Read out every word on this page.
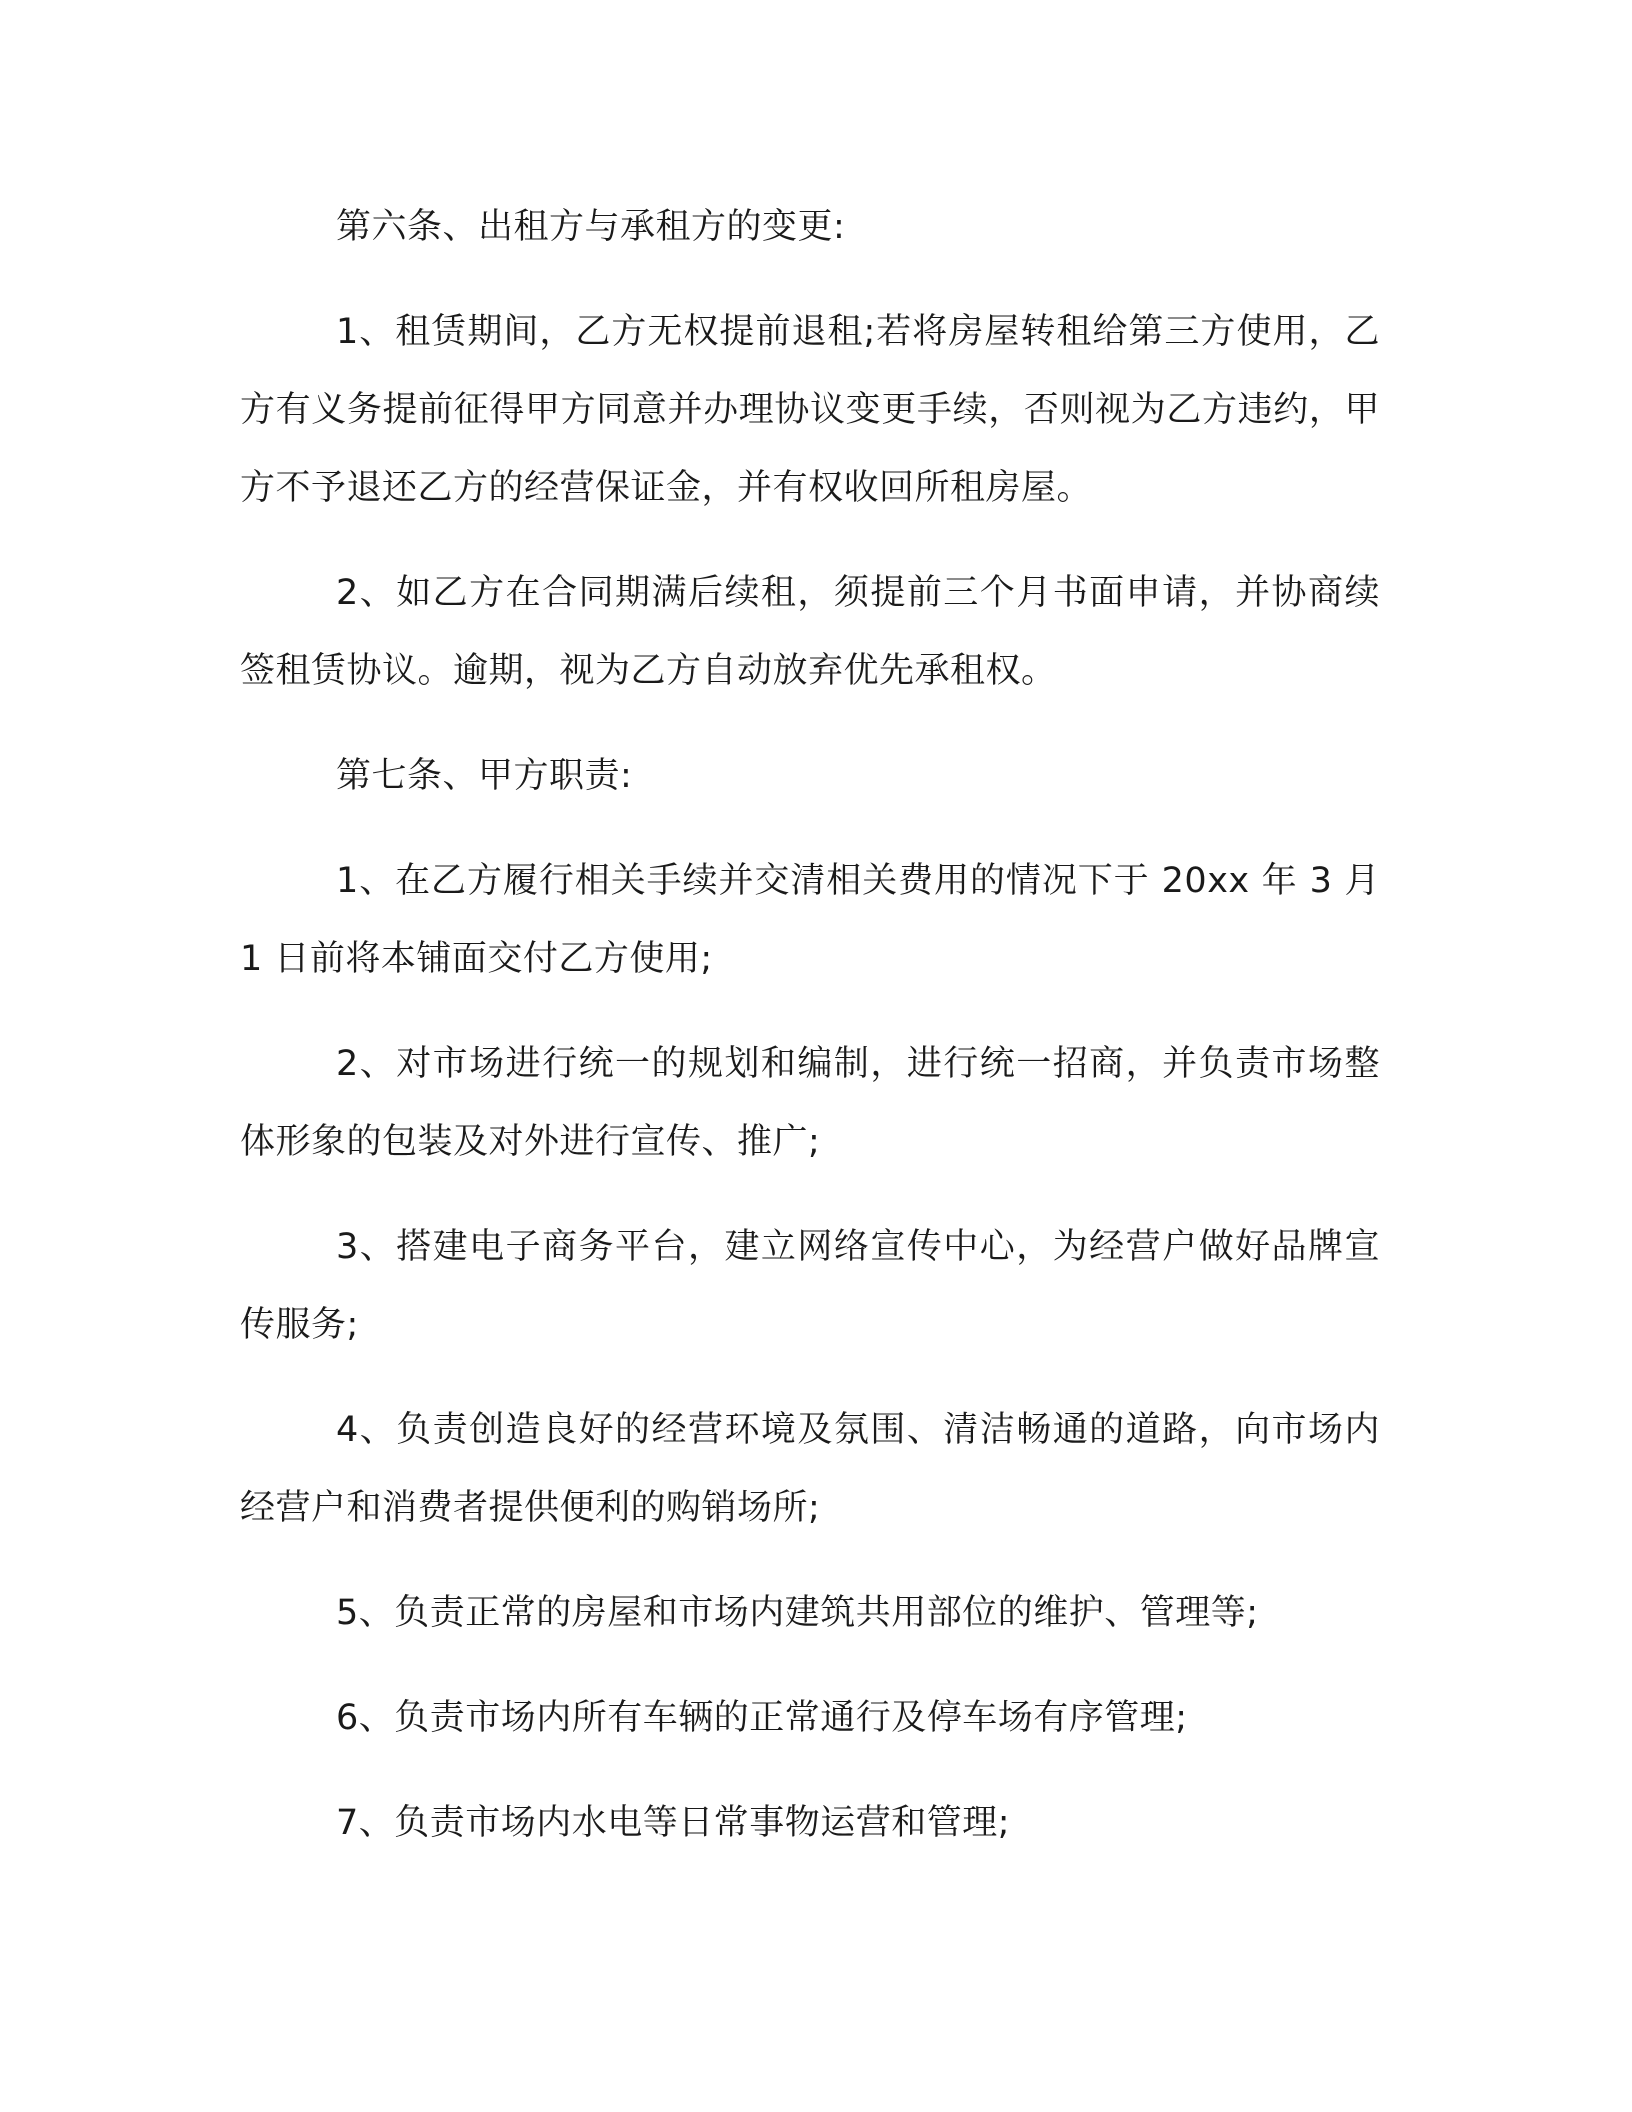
第六条、出租方与承租方的变更:

1、租赁期间，乙方无权提前退租;若将房屋转租给第三方使用，乙方有义务提前征得甲方同意并办理协议变更手续，否则视为乙方违约，甲方不予退还乙方的经营保证金，并有权收回所租房屋。

2、如乙方在合同期满后续租，须提前三个月书面申请，并协商续签租赁协议。逾期，视为乙方自动放弃优先承租权。

第七条、甲方职责:

1、在乙方履行相关手续并交清相关费用的情况下于 20xx 年 3 月 1 日前将本铺面交付乙方使用;

2、对市场进行统一的规划和编制，进行统一招商，并负责市场整体形象的包装及对外进行宣传、推广;

3、搭建电子商务平台，建立网络宣传中心，为经营户做好品牌宣传服务;

4、负责创造良好的经营环境及氛围、清洁畅通的道路，向市场内经营户和消费者提供便利的购销场所;

5、负责正常的房屋和市场内建筑共用部位的维护、管理等;

6、负责市场内所有车辆的正常通行及停车场有序管理;

7、负责市场内水电等日常事物运营和管理;
